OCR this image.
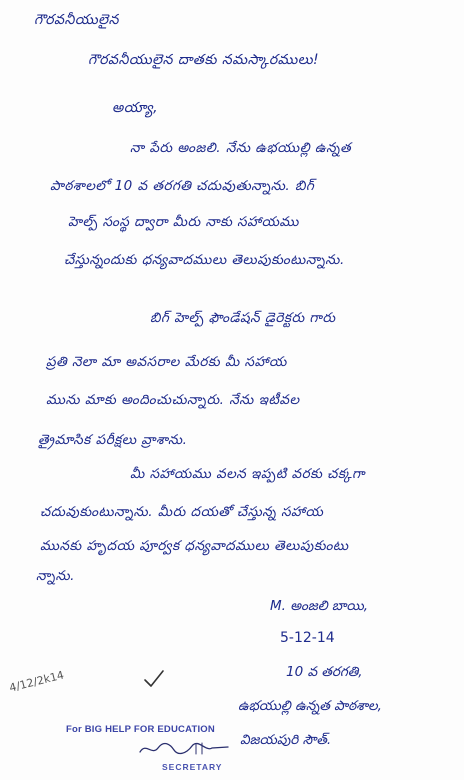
గౌరవనీయులైన
గౌరవనీయులైన దాతకు నమస్కారములు!
అయ్యా,
నా పేరు అంజలి. నేను ఉభయుల్లి ఉన్నత
పాఠశాలలో 10 వ తరగతి చదువుతున్నాను. బిగ్
హెల్ప్ సంస్థ ద్వారా మీరు నాకు సహాయము
చేస్తున్నందుకు ధన్యవాదములు తెలుపుకుంటున్నాను.
బిగ్ హెల్ప్ ఫౌండేషన్ డైరెక్టరు గారు
ప్రతి నెలా మా అవసరాల మేరకు మీ సహాయ
మును మాకు అందించుచున్నారు. నేను ఇటీవల
త్రైమాసిక పరీక్షలు వ్రాశాను.
మీ సహాయము వలన ఇప్పటి వరకు చక్కగా
చదువుకుంటున్నాను. మీరు దయతో చేస్తున్న సహాయ
మునకు హృదయ పూర్వక ధన్యవాదములు తెలుపుకుంటు
న్నాను.
M. అంజలి బాయి,
5-12-14
10 వ తరగతి,
ఉభయుల్లి ఉన్నత పాఠశాల,
విజయపురి సౌత్.
4/12/2k14
For BIG HELP FOR EDUCATION
SECRETARY
